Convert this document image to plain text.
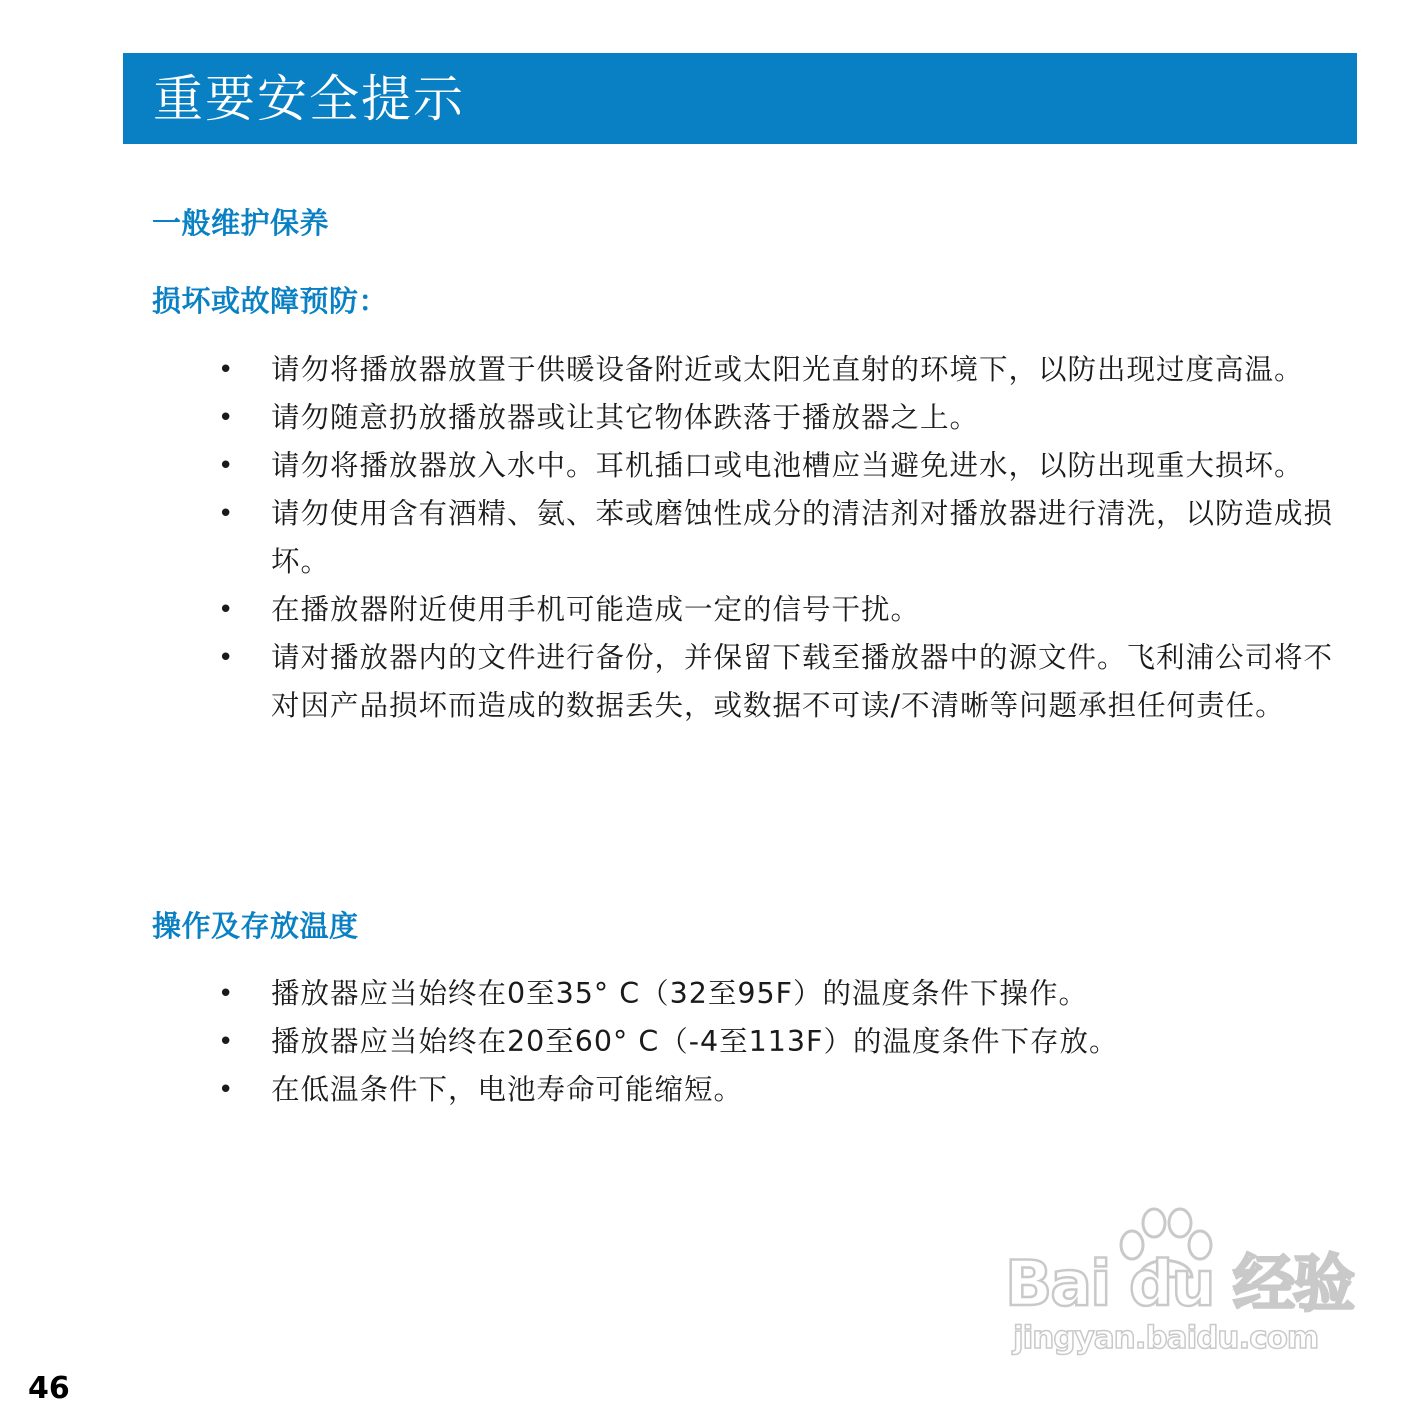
重要安全提示
一般维护保养
损坏或故障预防：
• 请勿将播放器放置于供暖设备附近或太阳光直射的环境下，以防出现过度高温。
• 请勿随意扔放播放器或让其它物体跌落于播放器之上。
• 请勿将播放器放入水中。耳机插口或电池槽应当避免进水，以防出现重大损坏。
• 请勿使用含有酒精、氨、苯或磨蚀性成分的清洁剂对播放器进行清洗，以防造成损坏。
• 在播放器附近使用手机可能造成一定的信号干扰。
• 请对播放器内的文件进行备份，并保留下载至播放器中的源文件。飞利浦公司将不对因产品损坏而造成的数据丢失，或数据不可读/不清晰等问题承担任何责任。
操作及存放温度
• 播放器应当始终在0至35° C（32至95F）的温度条件下操作。
• 播放器应当始终在20至60° C（-4至113F）的温度条件下存放。
• 在低温条件下，电池寿命可能缩短。
Bai du 经验
jingyan.baidu.com
46
